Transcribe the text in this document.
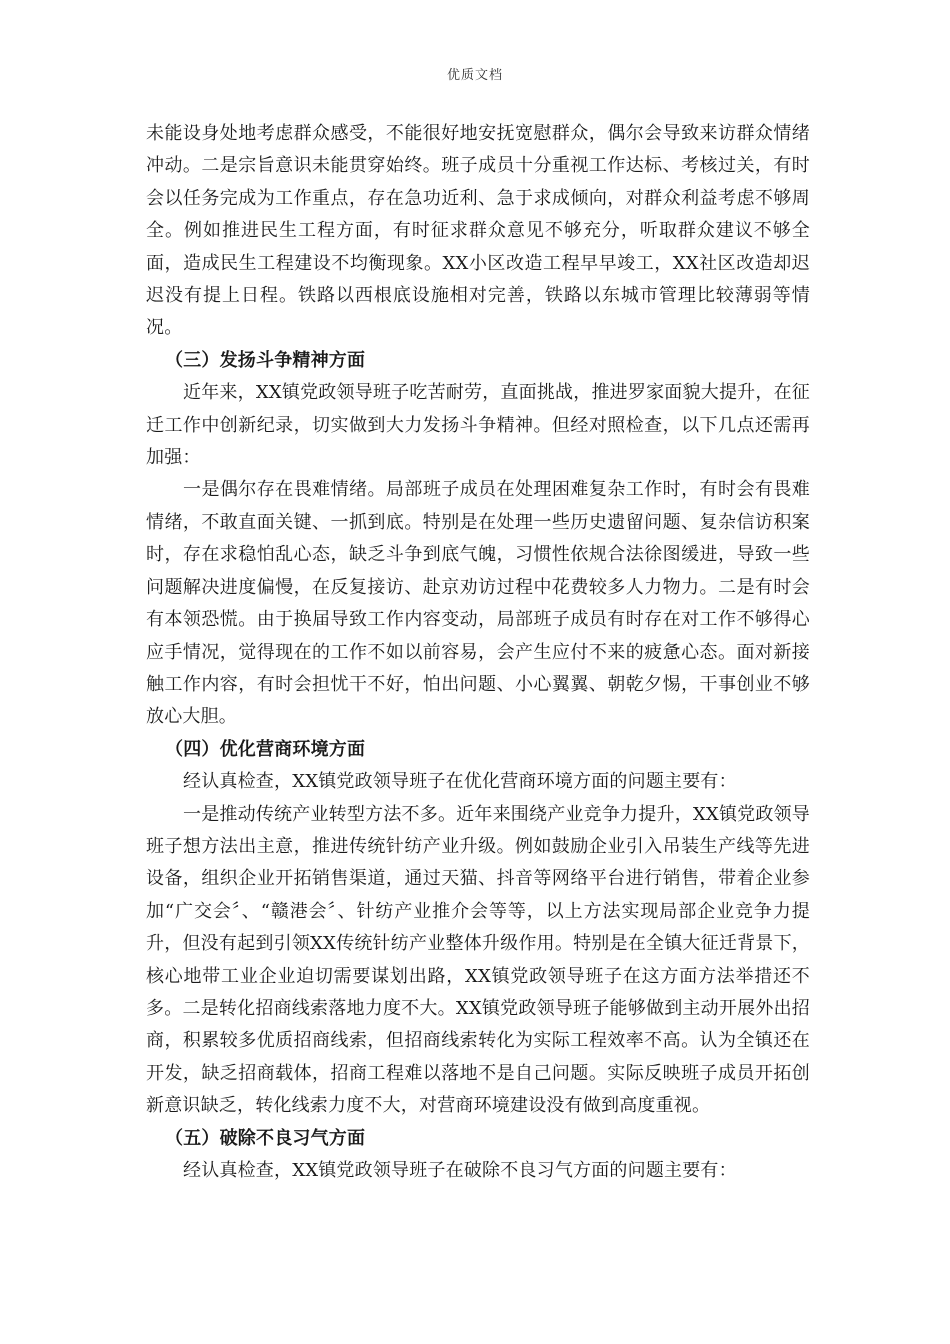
优质文档

未能设身处地考虑群众感受，不能很好地安抚宽慰群众，偶尔会导致来访群众情绪冲动。二是宗旨意识未能贯穿始终。班子成员十分重视工作达标、考核过关，有时会以任务完成为工作重点，存在急功近利、急于求成倾向，对群众利益考虑不够周全。例如推进民生工程方面，有时征求群众意见不够充分，听取群众建议不够全面，造成民生工程建设不均衡现象。XX小区改造工程早早竣工，XX社区改造却迟迟没有提上日程。铁路以西根底设施相对完善，铁路以东城市管理比较薄弱等情况。

（三）发扬斗争精神方面

近年来，XX镇党政领导班子吃苦耐劳，直面挑战，推进罗家面貌大提升，在征迁工作中创新纪录，切实做到大力发扬斗争精神。但经对照检查，以下几点还需再加强：

一是偶尔存在畏难情绪。局部班子成员在处理困难复杂工作时，有时会有畏难情绪，不敢直面关键、一抓到底。特别是在处理一些历史遗留问题、复杂信访积案时，存在求稳怕乱心态，缺乏斗争到底气魄，习惯性依规合法徐图缓进，导致一些问题解决进度偏慢，在反复接访、赴京劝访过程中花费较多人力物力。二是有时会有本领恐慌。由于换届导致工作内容变动，局部班子成员有时存在对工作不够得心应手情况，觉得现在的工作不如以前容易，会产生应付不来的疲惫心态。面对新接触工作内容，有时会担忧干不好，怕出问题、小心翼翼、朝乾夕惕，干事创业不够放心大胆。

（四）优化营商环境方面

经认真检查，XX镇党政领导班子在优化营商环境方面的问题主要有：

一是推动传统产业转型方法不多。近年来围绕产业竞争力提升，XX镇党政领导班子想方法出主意，推进传统针纺产业升级。例如鼓励企业引入吊装生产线等先进设备，组织企业开拓销售渠道，通过天猫、抖音等网络平台进行销售，带着企业参加“广交会〞、“赣港会〞、针纺产业推介会等等，以上方法实现局部企业竞争力提升，但没有起到引领XX传统针纺产业整体升级作用。特别是在全镇大征迁背景下，核心地带工业企业迫切需要谋划出路，XX镇党政领导班子在这方面方法举措还不多。二是转化招商线索落地力度不大。XX镇党政领导班子能够做到主动开展外出招商，积累较多优质招商线索，但招商线索转化为实际工程效率不高。认为全镇还在开发，缺乏招商载体，招商工程难以落地不是自己问题。实际反映班子成员开拓创新意识缺乏，转化线索力度不大，对营商环境建设没有做到高度重视。

（五）破除不良习气方面

经认真检查，XX镇党政领导班子在破除不良习气方面的问题主要有：
